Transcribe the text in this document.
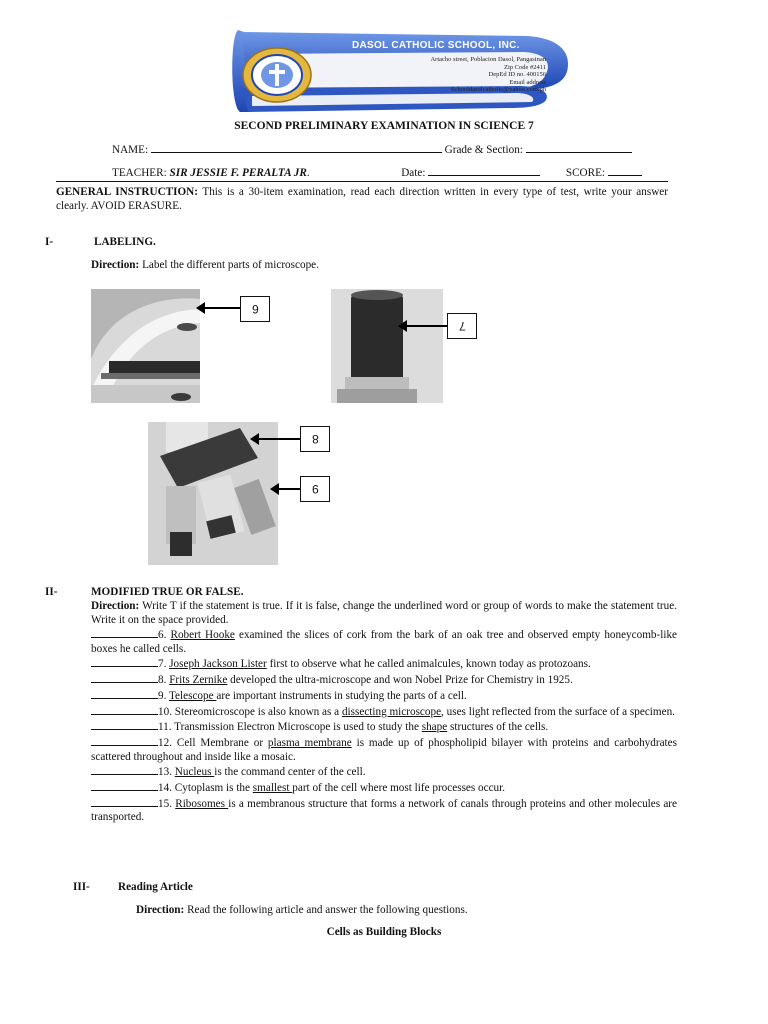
DASOL CATHOLIC SCHOOL, INC.
Artacho street, Poblacion Dasol, Pangasinan
Zip Code #2411
DepEd ID no. 400156
Email address
Schooldasolcatholic@yahoo.com.ph
SECOND PRELIMINARY EXAMINATION IN SCIENCE 7
NAME:	Grade & Section:
TEACHER: SIR JESSIE F. PERALTA JR.	Date:	SCORE:
GENERAL INSTRUCTION: This is a 30-item examination, read each direction written in every type of test, write your answer clearly. AVOID ERASURE.
I-	LABELING.
Direction: Label the different parts of microscope.
6
7
8
9
II-	MODIFIED TRUE OR FALSE.
Direction: Write T if the statement is true. If it is false, change the underlined word or group of words to make the statement true. Write it on the space provided.
6. Robert Hooke examined the slices of cork from the bark of an oak tree and observed empty honeycomb-like boxes he called cells.
7. Joseph Jackson Lister first to observe what he called animalcules, known today as protozoans.
8. Frits Zernike developed the ultra-microscope and won Nobel Prize for Chemistry in 1925.
9. Telescope are important instruments in studying the parts of a cell.
10. Stereomicroscope is also known as a dissecting microscope, uses light reflected from the surface of a specimen.
11. Transmission Electron Microscope is used to study the shape structures of the cells.
12. Cell Membrane or plasma membrane is made up of phospholipid bilayer with proteins and carbohydrates scattered throughout and inside like a mosaic.
13. Nucleus is the command center of the cell.
14. Cytoplasm is the smallest part of the cell where most life processes occur.
15. Ribosomes is a membranous structure that forms a network of canals through proteins and other molecules are transported.
III-	Reading Article
Direction: Read the following article and answer the following questions.
Cells as Building Blocks
